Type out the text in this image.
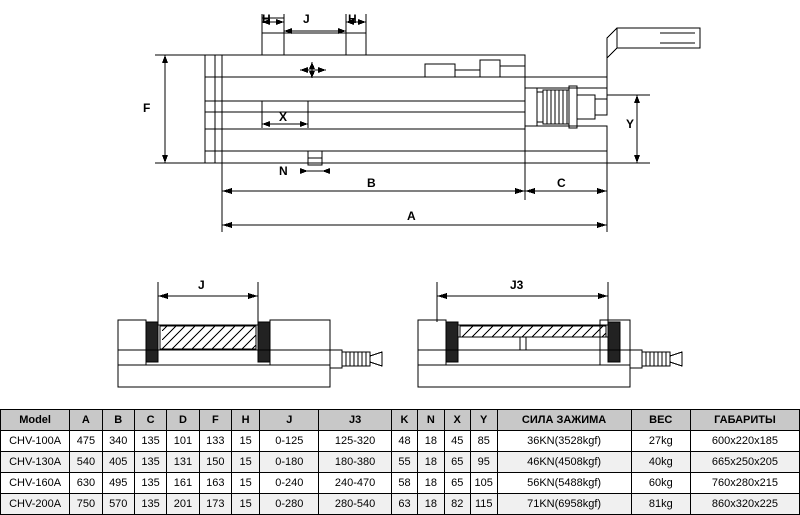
H	J	H
F
X
N
B	C
A
Y
J	J3
Model	A	B	C	D	F	H	J	J3	K	N	X	Y	СИЛА ЗАЖИМА	ВЕС	ГАБАРИТЫ
CHV-100A	475	340	135	101	133	15	0-125	125-320	48	18	45	85	36KN(3528kgf)	27kg	600x220x185
CHV-130A	540	405	135	131	150	15	0-180	180-380	55	18	65	95	46KN(4508kgf)	40kg	665x250x205
CHV-160A	630	495	135	161	163	15	0-240	240-470	58	18	65	105	56KN(5488kgf)	60kg	760x280x215
CHV-200A	750	570	135	201	173	15	0-280	280-540	63	18	82	115	71KN(6958kgf)	81kg	860x320x225
